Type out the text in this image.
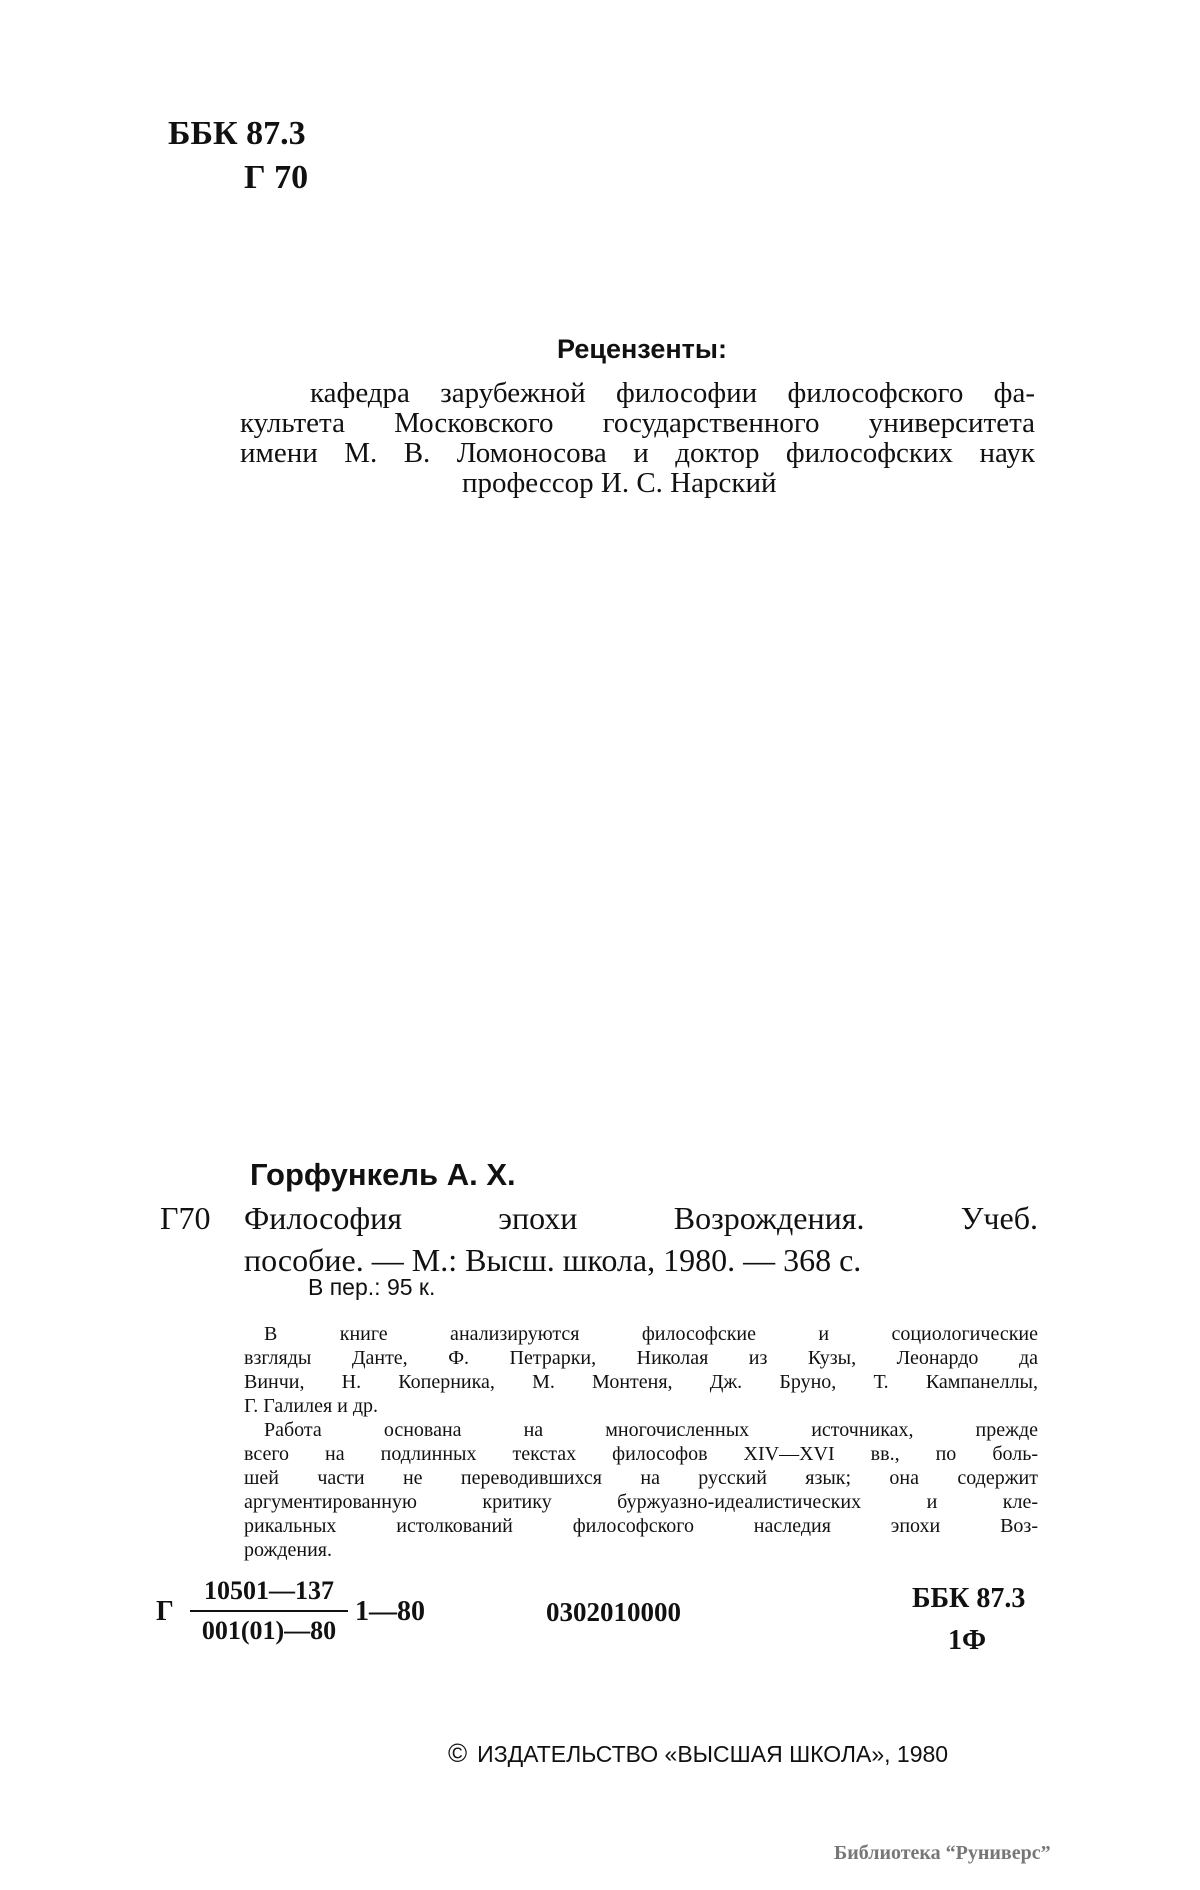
ББК 87.3
Г 70
Рецензенты:
кафедра зарубежной философии философского фа-
культета Московского государственного университета
имени М. В. Ломоносова и доктор философских наук
профессор И. С. Нарский
Горфункель А. Х.
Г70 Философия эпохи Возрождения. Учеб.
пособие. — М.: Высш. школа, 1980. — 368 с.
В пер.: 95 к.
В книге анализируются философские и социологические
взгляды Данте, Ф. Петрарки, Николая из Кузы, Леонардо да
Винчи, Н. Коперника, М. Монтеня, Дж. Бруно, Т. Кампанеллы,
Г. Галилея и др.
Работа основана на многочисленных источниках, прежде
всего на подлинных текстах философов XIV—XVI вв., по боль-
шей части не переводившихся на русский язык; она содержит
аргументированную критику буржуазно-идеалистических и кле-
рикальных истолкований философского наследия эпохи Воз-
рождения.
Г $\frac{10501—137}{001(01)—80}$ 1—80	0302010000	ББК 87.3
1Ф
© ИЗДАТЕЛЬСТВО «ВЫСШАЯ ШКОЛА», 1980
Библиотека “Руниверс”
